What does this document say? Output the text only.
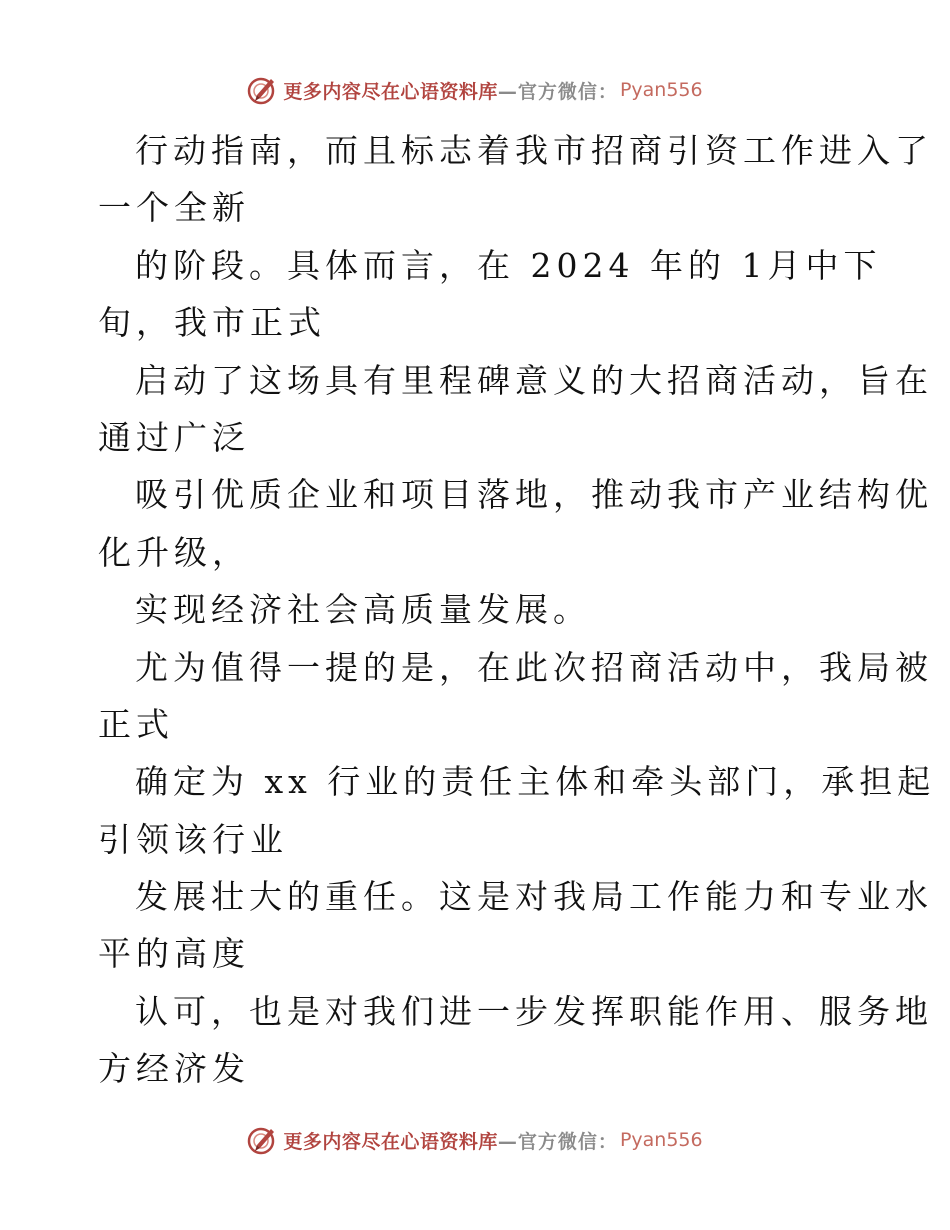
更多内容尽在心语资料库 —官方微信： Pyan556
行动指南，而且标志着我市招商引资工作进入了
一个全新
的阶段。具体而言，在 2024 年的 1月中下
旬，我市正式
启动了这场具有里程碑意义的大招商活动，旨在
通过广泛
吸引优质企业和项目落地，推动我市产业结构优
化升级，
实现经济社会高质量发展。
尤为值得一提的是，在此次招商活动中，我局被
正式
确定为 xx 行业的责任主体和牵头部门，承担起
引领该行业
发展壮大的重任。这是对我局工作能力和专业水
平的高度
认可，也是对我们进一步发挥职能作用、服务地
方经济发
更多内容尽在心语资料库 —官方微信： Pyan556
